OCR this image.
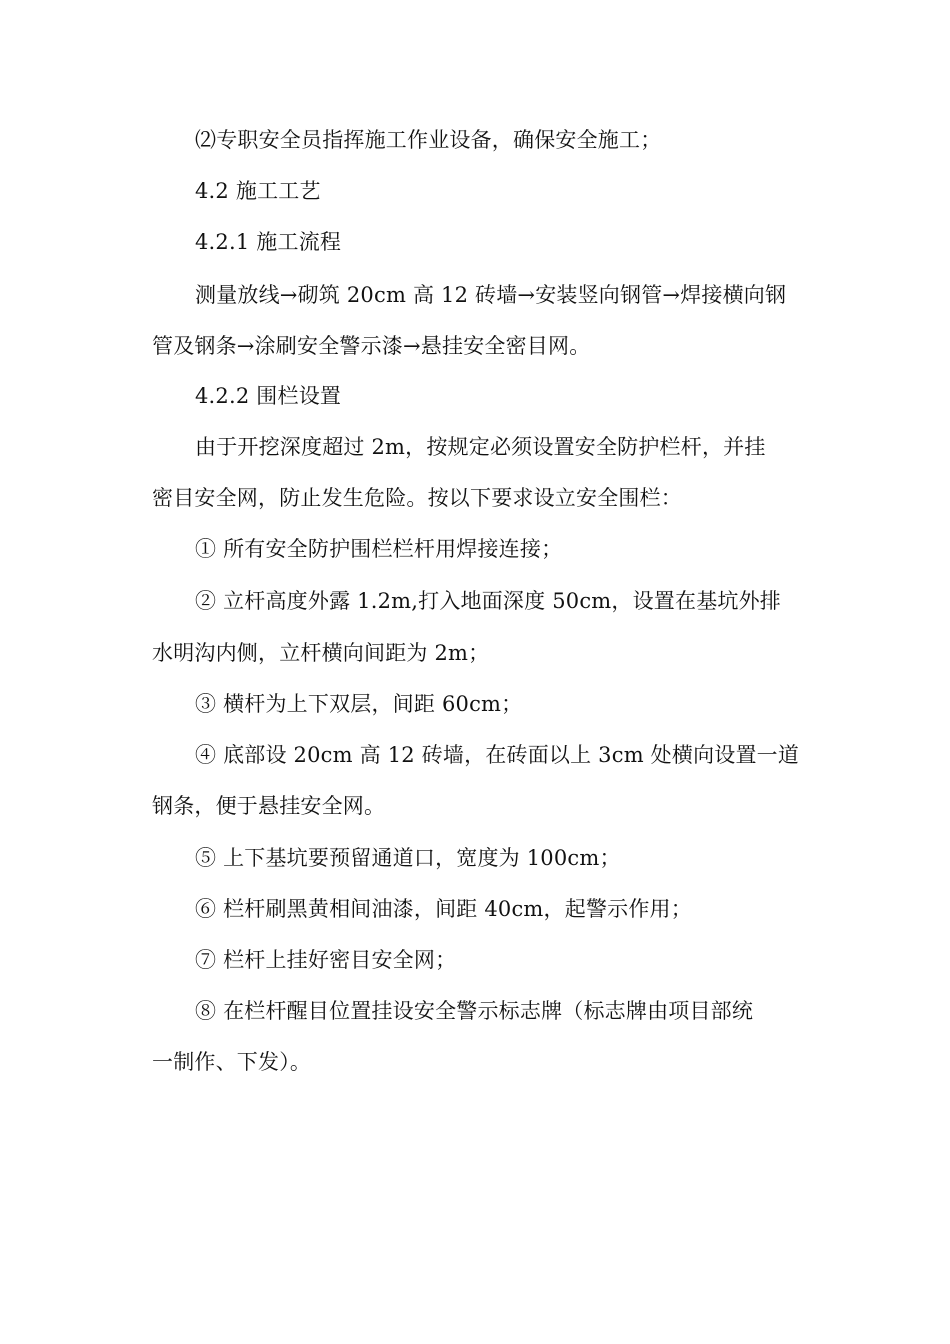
⑵专职安全员指挥施工作业设备，确保安全施工；
4.2 施工工艺
4.2.1 施工流程
测量放线→砌筑 20cm 高 12 砖墙→安装竖向钢管→焊接横向钢
管及钢条→涂刷安全警示漆→悬挂安全密目网。
4.2.2 围栏设置
由于开挖深度超过 2m，按规定必须设置安全防护栏杆，并挂
密目安全网，防止发生危险。按以下要求设立安全围栏：
① 所有安全防护围栏栏杆用焊接连接；
② 立杆高度外露 1.2m,打入地面深度 50cm，设置在基坑外排
水明沟内侧，立杆横向间距为 2m；
③ 横杆为上下双层，间距 60cm；
④ 底部设 20cm 高 12 砖墙，在砖面以上 3cm 处横向设置一道
钢条，便于悬挂安全网。
⑤ 上下基坑要预留通道口，宽度为 100cm；
⑥ 栏杆刷黑黄相间油漆，间距 40cm，起警示作用；
⑦ 栏杆上挂好密目安全网；
⑧ 在栏杆醒目位置挂设安全警示标志牌（标志牌由项目部统
一制作、下发）。
